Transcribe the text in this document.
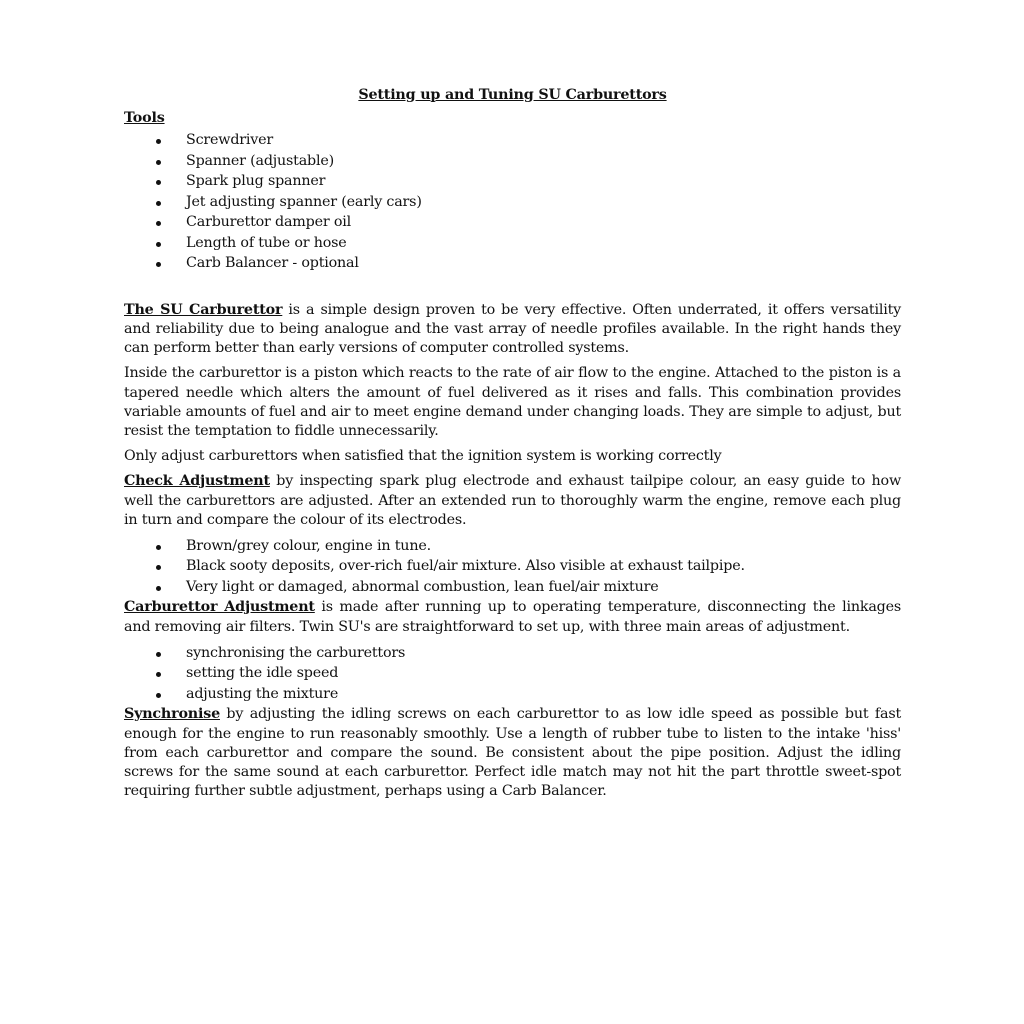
Setting up and Tuning SU Carburettors
Tools
Screwdriver
Spanner (adjustable)
Spark plug spanner
Jet adjusting spanner (early cars)
Carburettor damper oil
Length of tube or hose
Carb Balancer - optional

The SU Carburettor is a simple design proven to be very effective. Often underrated, it offers versatility and reliability due to being analogue and the vast array of needle profiles available. In the right hands they can perform better than early versions of computer controlled systems.

Inside the carburettor is a piston which reacts to the rate of air flow to the engine. Attached to the piston is a tapered needle which alters the amount of fuel delivered as it rises and falls. This combination provides variable amounts of fuel and air to meet engine demand under changing loads. They are simple to adjust, but resist the temptation to fiddle unnecessarily.

Only adjust carburettors when satisfied that the ignition system is working correctly

Check Adjustment by inspecting spark plug electrode and exhaust tailpipe colour, an easy guide to how well the carburettors are adjusted. After an extended run to thoroughly warm the engine, remove each plug in turn and compare the colour of its electrodes.

Brown/grey colour, engine in tune.
Black sooty deposits, over-rich fuel/air mixture. Also visible at exhaust tailpipe.
Very light or damaged, abnormal combustion, lean fuel/air mixture

Carburettor Adjustment is made after running up to operating temperature, disconnecting the linkages and removing air filters. Twin SU's are straightforward to set up, with three main areas of adjustment.

synchronising the carburettors
setting the idle speed
adjusting the mixture

Synchronise by adjusting the idling screws on each carburettor to as low idle speed as possible but fast enough for the engine to run reasonably smoothly. Use a length of rubber tube to listen to the intake 'hiss' from each carburettor and compare the sound. Be consistent about the pipe position. Adjust the idling screws for the same sound at each carburettor. Perfect idle match may not hit the part throttle sweet-spot requiring further subtle adjustment, perhaps using a Carb Balancer.
